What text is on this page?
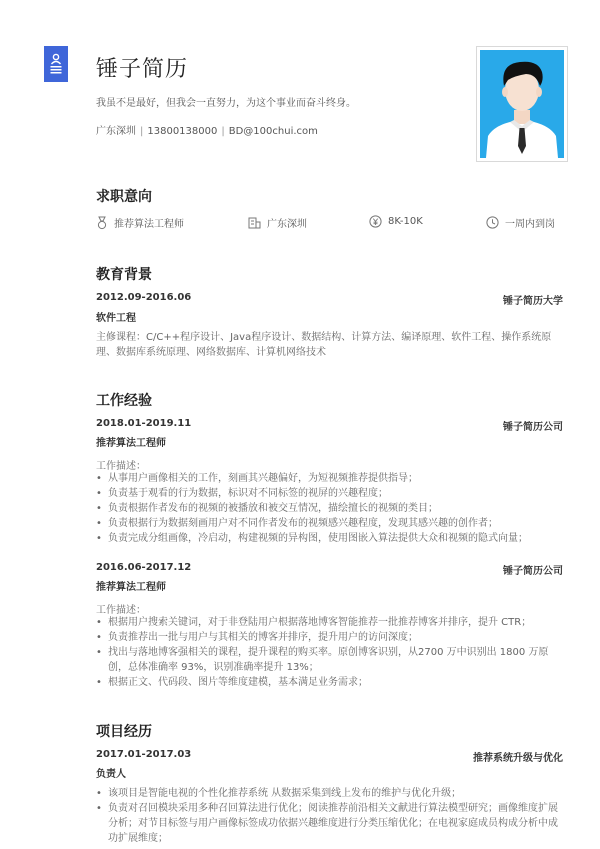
锤子简历
我虽不是最好，但我会一直努力，为这个事业而奋斗终身。
广东深圳 | 13800138000 | BD@100chui.com
求职意向
推荐算法工程师	广东深圳	8K-10K	一周内到岗
教育背景
2012.09-2016.06	锤子简历大学
软件工程

主修课程：C/C++程序设计、Java程序设计、数据结构、计算方法、编译原理、软件工程、操作系统原理、数据库系统原理、网络数据库、计算机网络技术

工作经验
2018.01-2019.11	锤子简历公司
推荐算法工程师
工作描述：
• 从事用户画像相关的工作，刻画其兴趣偏好，为短视频推荐提供指导；
• 负责基于观看的行为数据，标识对不同标签的视屏的兴趣程度；
• 负责根据作者发布的视频的被播放和被交互情况，描绘擅长的视频的类目；
• 负责根据行为数据刻画用户对不同作者发布的视频感兴趣程度，发现其感兴趣的创作者；
• 负责完成分组画像，冷启动，构建视频的异构图，使用图嵌入算法提供大众和视频的隐式向量；
2016.06-2017.12	锤子简历公司
推荐算法工程师
工作描述：
• 根据用户搜索关键词，对于非登陆用户根据落地博客智能推荐一批推荐博客并排序，提升 CTR；
• 负责推荐出一批与用户与其相关的博客并排序，提升用户的访问深度；
• 找出与落地博客强相关的课程，提升课程的购买率。原创博客识别，从2700 万中识别出 1800 万原创，总体准确率 93%，识别准确率提升 13%；
• 根据正文、代码段、图片等维度建模，基本满足业务需求；
项目经历
2017.01-2017.03	推荐系统升级与优化
负责人
• 该项目是智能电视的个性化推荐系统 从数据采集到线上发布的维护与优化升级；
• 负责对召回模块采用多种召回算法进行优化；阅读推荐前沿相关文献进行算法模型研究；画像维度扩展分析；对节目标签与用户画像标签成功依据兴趣维度进行分类压缩优化；在电视家庭成员构成分析中成功扩展维度；
